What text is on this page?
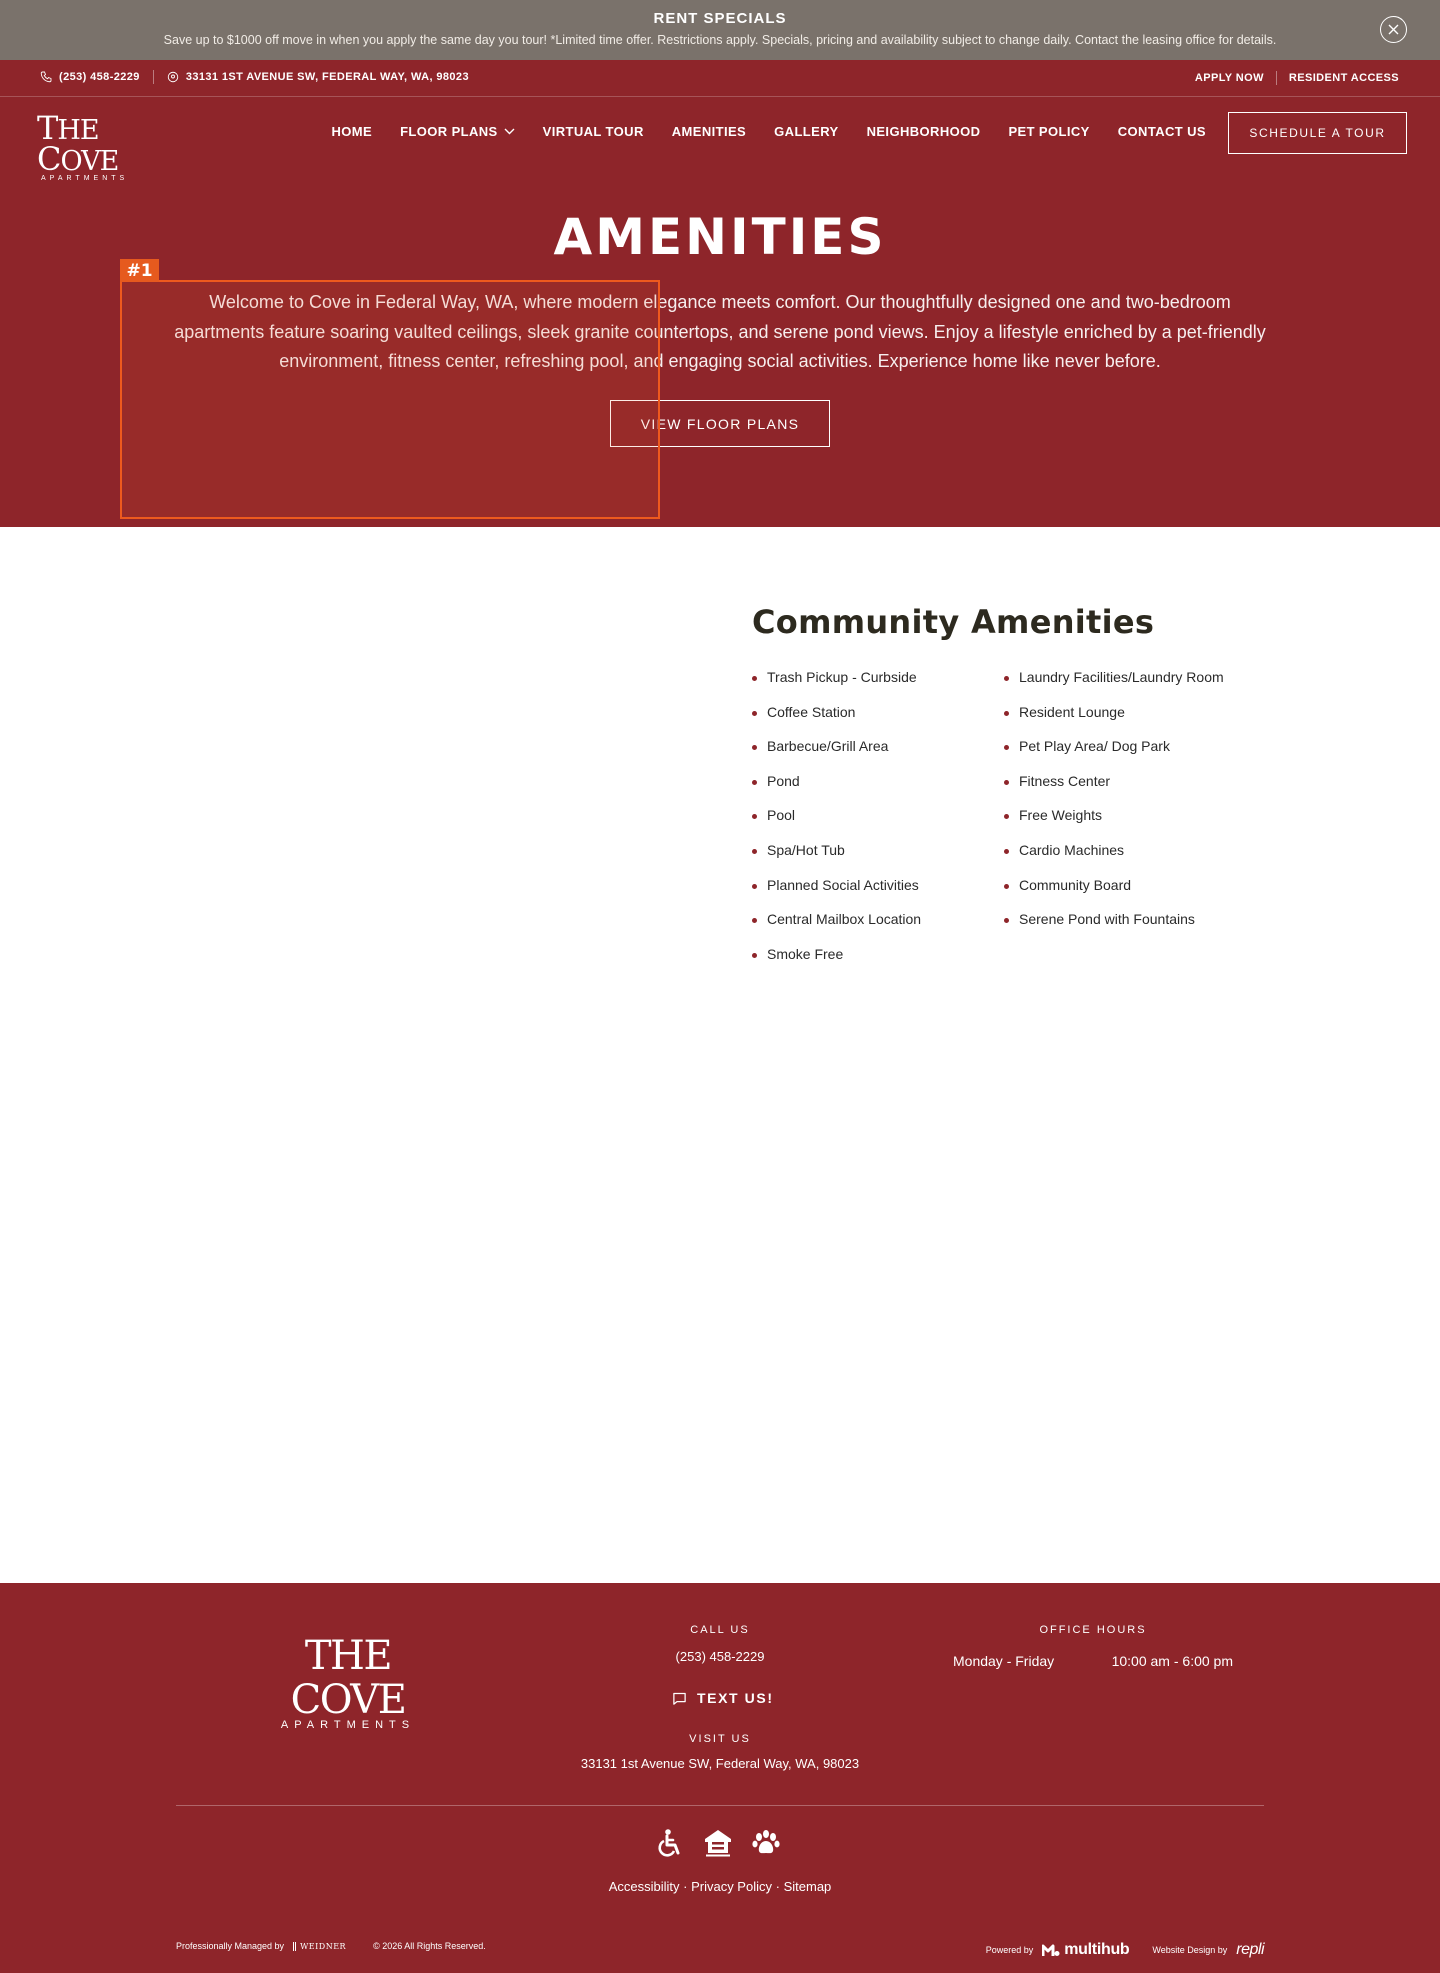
RENT SPECIALS

Save up to $1000 off move in when you apply the same day you tour! *Limited time offer. Restrictions apply. Specials, pricing and availability subject to change daily. Contact the leasing office for details.

(253) 458-2229	33131 1ST AVENUE SW, FEDERAL WAY, WA, 98023	APPLY NOW RESIDENT ACCESS
THE COVE
APARTMENTS
HOME FLOOR PLANS	VIRTUAL TOUR AMENITIES GALLERY NEIGHBORHOOD PET POLICY CONTACT US	SCHEDULE A TOUR
AMENITIES

Welcome to Cove in Federal Way, WA, where modern elegance meets comfort. Our thoughtfully designed one and two-bedroom apartments feature soaring vaulted ceilings, sleek granite countertops, and serene pond views. Enjoy a lifestyle enriched by a pet-friendly environment, fitness center, refreshing pool, and engaging social activities. Experience home like never before.

VIEW FLOOR PLANS
#1
Community Amenities
Trash Pickup - Curbside
Coffee Station
Barbecue/Grill Area
Pond
Pool
Spa/Hot Tub
Planned Social Activities
Central Mailbox Location
Smoke Free
Laundry Facilities/Laundry Room
Resident Lounge
Pet Play Area/ Dog Park
Fitness Center
Free Weights
Cardio Machines
Community Board
Serene Pond with Fountains
THE COVE
APARTMENTS
CALL US
(253) 458-2229
TEXT US!
VISIT US
33131 1st Avenue SW, Federal Way, WA, 98023
OFFICE HOURS
Monday - Friday	10:00 am - 6:00 pm
Accessibility · Privacy Policy · Sitemap
Professionally Managed by	WEIDNER	© 2026 All Rights Reserved.	Powered by multihub	Website Design by repli
